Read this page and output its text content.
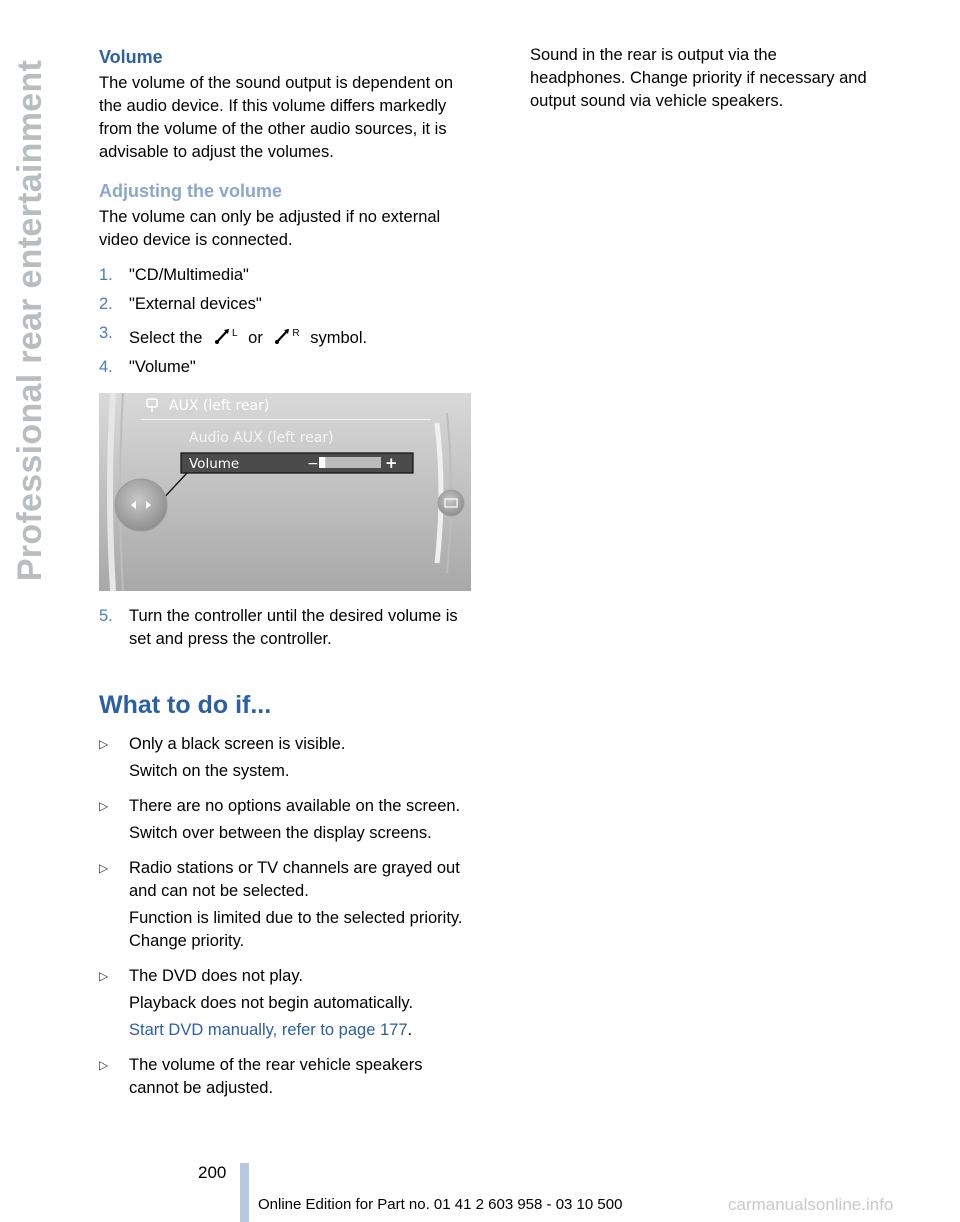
Professional rear entertainment
Volume

The volume of the sound output is dependent on the audio device. If this volume differs markedly from the volume of the other audio sources, it is advisable to adjust the volumes.

Adjusting the volume

The volume can only be adjusted if no external video device is connected.

1. "CD/Multimedia"
2. "External devices"
3. Select the	L or	R symbol.
4. "Volume"
AUX (left rear)
Audio AUX (left rear)
Volume	−	+
5. Turn the controller until the desired volume is set and press the controller.
What to do if...
▷	Only a black screen is visible.

Switch on the system.

▷	There are no options available on the screen.

Switch over between the display screens.

▷	Radio stations or TV channels are grayed out and can not be selected.

Function is limited due to the selected priority. Change priority.

▷	The DVD does not play.

Playback does not begin automatically.

Start DVD manually, refer to page 177.

▷	The volume of the rear vehicle speakers cannot be adjusted.

Sound in the rear is output via the headphones. Change priority if necessary and output sound via vehicle speakers.

200
Online Edition for Part no. 01 41 2 603 958 - 03 10 500	carmanualsonline.info
